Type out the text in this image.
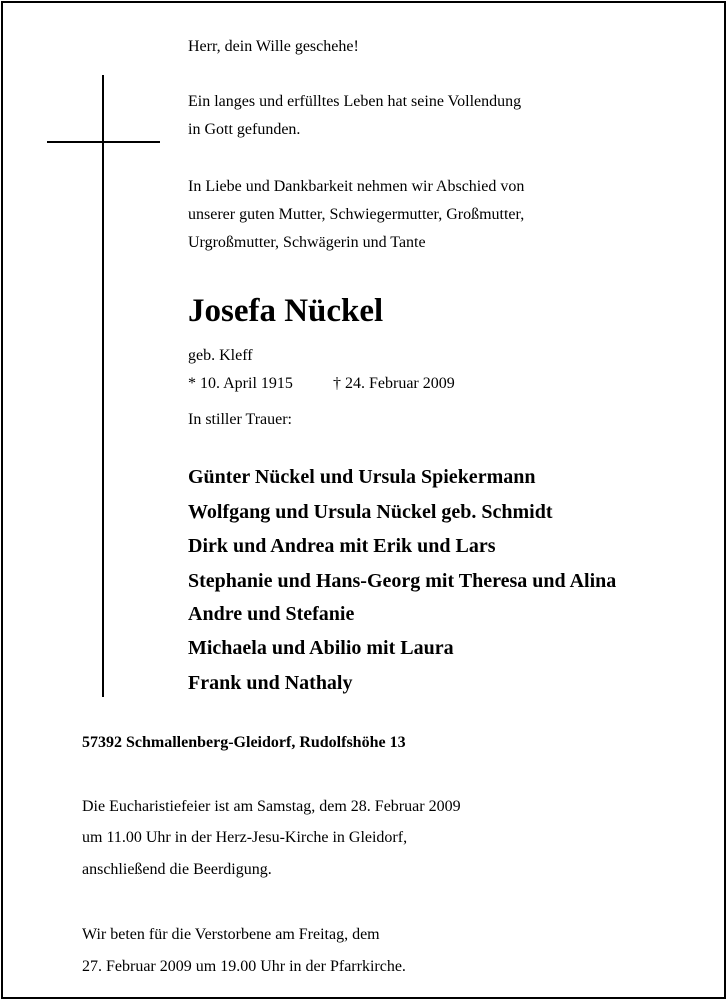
Herr, dein Wille geschehe!
Ein langes und erfülltes Leben hat seine Vollendung
in Gott gefunden.
In Liebe und Dankbarkeit nehmen wir Abschied von
unserer guten Mutter, Schwiegermutter, Großmutter,
Urgroßmutter, Schwägerin und Tante
Josefa Nückel
geb. Kleff
* 10. April 1915	† 24. Februar 2009
In stiller Trauer:
Günter Nückel und Ursula Spiekermann
Wolfgang und Ursula Nückel geb. Schmidt
Dirk und Andrea mit Erik und Lars
Stephanie und Hans-Georg mit Theresa und Alina
Andre und Stefanie
Michaela und Abilio mit Laura
Frank und Nathaly
57392 Schmallenberg-Gleidorf, Rudolfshöhe 13
Die Eucharistiefeier ist am Samstag, dem 28. Februar 2009
um 11.00 Uhr in der Herz-Jesu-Kirche in Gleidorf,
anschließend die Beerdigung.
Wir beten für die Verstorbene am Freitag, dem
27. Februar 2009 um 19.00 Uhr in der Pfarrkirche.
